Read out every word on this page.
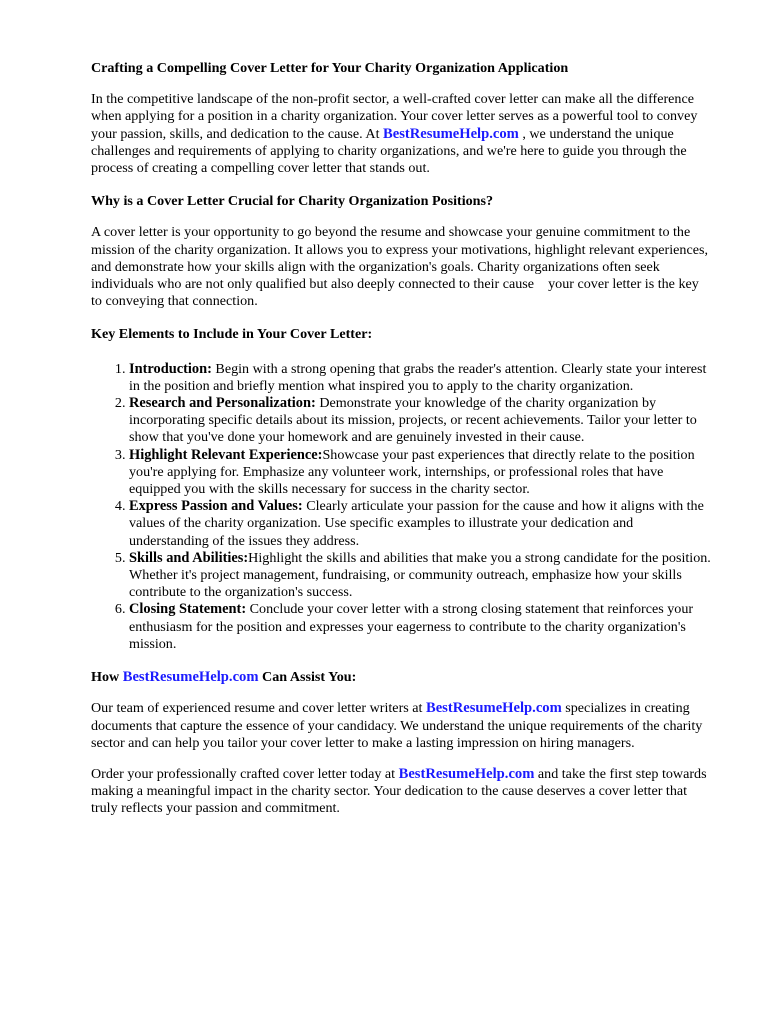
Crafting a Compelling Cover Letter for Your Charity Organization Application

In the competitive landscape of the non-profit sector, a well-crafted cover letter can make all the difference when applying for a position in a charity organization. Your cover letter serves as a powerful tool to convey your passion, skills, and dedication to the cause. At BestResumeHelp.com , we understand the unique challenges and requirements of applying to charity organizations, and we're here to guide you through the process of creating a compelling cover letter that stands out.

Why is a Cover Letter Crucial for Charity Organization Positions?

A cover letter is your opportunity to go beyond the resume and showcase your genuine commitment to the mission of the charity organization. It allows you to express your motivations, highlight relevant experiences, and demonstrate how your skills align with the organization's goals. Charity organizations often seek individuals who are not only qualified but also deeply connected to their cause    your cover letter is the key to conveying that connection.

Key Elements to Include in Your Cover Letter:

1. Introduction: Begin with a strong opening that grabs the reader's attention. Clearly state your interest in the position and briefly mention what inspired you to apply to the charity organization.
2. Research and Personalization: Demonstrate your knowledge of the charity organization by incorporating specific details about its mission, projects, or recent achievements. Tailor your letter to show that you've done your homework and are genuinely invested in their cause.
3. Highlight Relevant Experience:Showcase your past experiences that directly relate to the position you're applying for. Emphasize any volunteer work, internships, or professional roles that have equipped you with the skills necessary for success in the charity sector.
4. Express Passion and Values: Clearly articulate your passion for the cause and how it aligns with the values of the charity organization. Use specific examples to illustrate your dedication and understanding of the issues they address.
5. Skills and Abilities:Highlight the skills and abilities that make you a strong candidate for the position. Whether it's project management, fundraising, or community outreach, emphasize how your skills contribute to the organization's success.
6. Closing Statement: Conclude your cover letter with a strong closing statement that reinforces your enthusiasm for the position and expresses your eagerness to contribute to the charity organization's mission.

How BestResumeHelp.com Can Assist You:

Our team of experienced resume and cover letter writers at BestResumeHelp.com specializes in creating documents that capture the essence of your candidacy. We understand the unique requirements of the charity sector and can help you tailor your cover letter to make a lasting impression on hiring managers.

Order your professionally crafted cover letter today at BestResumeHelp.com and take the first step towards making a meaningful impact in the charity sector. Your dedication to the cause deserves a cover letter that truly reflects your passion and commitment.
